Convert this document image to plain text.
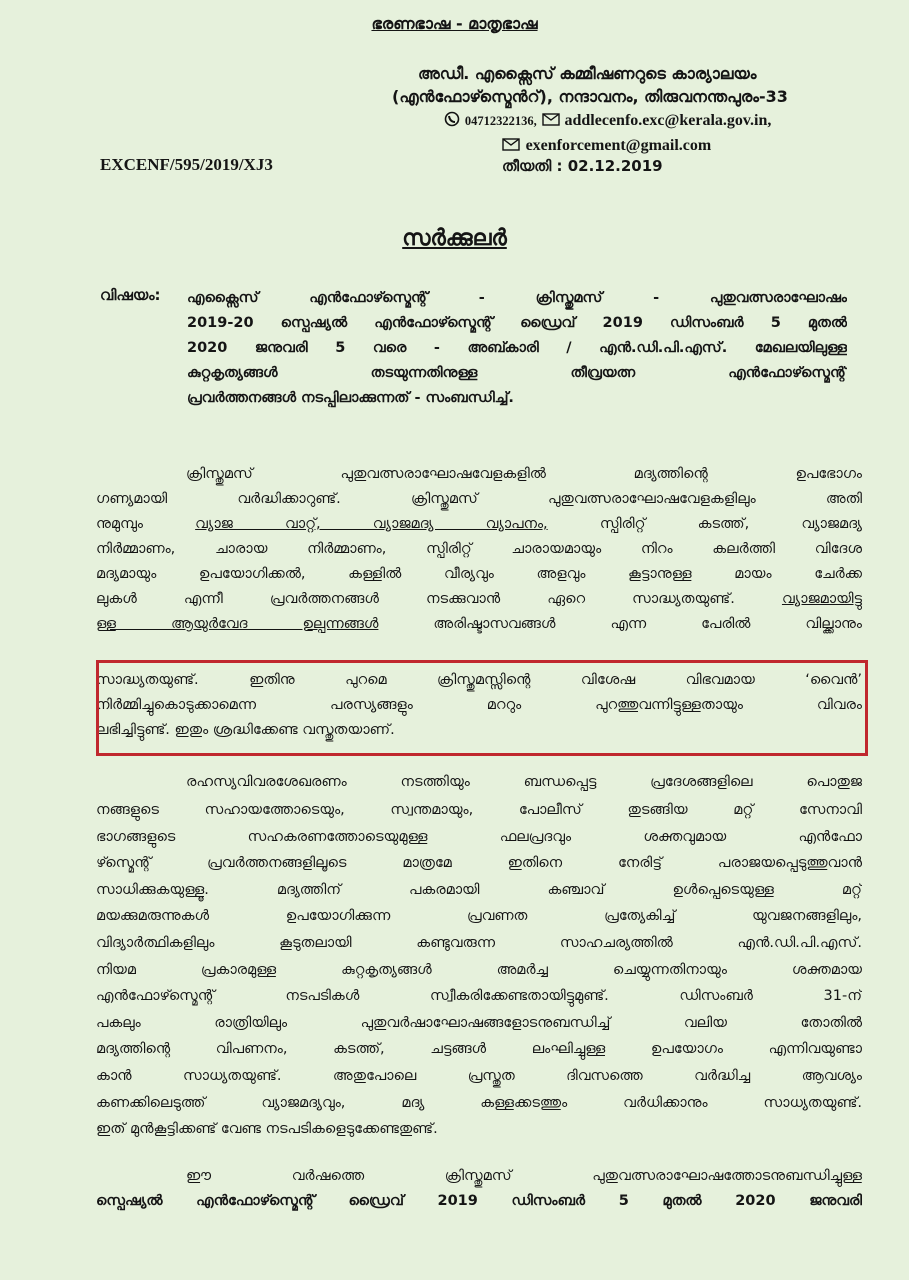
ഭരണഭാഷ - മാതൃഭാഷ
അഡീ. എക്സൈസ് കമ്മീഷണറുടെ കാര്യാലയം
(എൻഫോഴ്സ്മെൻറ്), നന്ദാവനം, തിരുവനന്തപുരം-33
04712322136, addlecenfo.exc@kerala.gov.in,
exenforcement@gmail.com
EXCENF/595/2019/XJ3	തീയതി : 02.12.2019
സർക്കുലർ
വിഷയം: എക്സൈസ് എൻഫോഴ്സ്മെന്റ് - ക്രിസ്തുമസ് - പുതുവത്സരാഘോഷം
2019-20 സ്പെഷ്യൽ എൻഫോഴ്സ്മെന്റ് ഡ്രൈവ് 2019 ഡിസംബർ 5 മുതൽ
2020 ജനുവരി 5 വരെ - അബ്കാരി / എൻ.ഡി.പി.എസ്. മേഖലയിലുള്ള
കുറ്റകൃത്യങ്ങൾ തടയുന്നതിനുള്ള തീവ്രയത്ന എൻഫോഴ്സ്മെന്റ്
പ്രവർത്തനങ്ങൾ നടപ്പിലാക്കുന്നത് - സംബന്ധിച്ച്.
ക്രിസ്തുമസ് പുതുവത്സരാഘോഷവേളകളിൽ മദ്യത്തിന്റെ ഉപഭോഗം
ഗണ്യമായി വർദ്ധിക്കാറുണ്ട്. ക്രിസ്തുമസ് പുതുവത്സരാഘോഷവേളകളിലും അതി
നുമുമ്പും വ്യാജ വാറ്റ്, വ്യാജമദ്യ വ്യാപനം, സ്പിരിറ്റ് കടത്ത്, വ്യാജമദ്യ
നിർമ്മാണം, ചാരായ നിർമ്മാണം, സ്പിരിറ്റ് ചാരായമായും നിറം കലർത്തി വിദേശ
മദ്യമായും ഉപയോഗിക്കൽ, കള്ളിൽ വീര്യവും അളവും കൂട്ടാനുള്ള മായം ചേർക്ക
ലുകൾ എന്നീ പ്രവർത്തനങ്ങൾ നടക്കുവാൻ ഏറെ സാദ്ധ്യതയുണ്ട്. വ്യാജമായിട്ടു
ള്ള ആയുർവേദ ഉല്പന്നങ്ങൾ അരിഷ്ടാസവങ്ങൾ എന്ന പേരിൽ വില്ക്കാനും
സാദ്ധ്യതയുണ്ട്. ഇതിനു പുറമെ ക്രിസ്തുമസ്സിന്റെ വിശേഷ വിഭവമായ ‘വൈൻ’
നിർമ്മിച്ചുകൊടുക്കാമെന്ന പരസ്യങ്ങളും മററും പുറത്തുവന്നിട്ടുള്ളതായും വിവരം
ലഭിച്ചിട്ടുണ്ട്. ഇതും ശ്രദ്ധിക്കേണ്ട വസ്തുതയാണ്.
രഹസ്യവിവരശേഖരണം നടത്തിയും ബന്ധപ്പെട്ട പ്രദേശങ്ങളിലെ പൊതുജ
നങ്ങളുടെ സഹായത്തോടെയും, സ്വന്തമായും, പോലീസ് തുടങ്ങിയ മറ്റ് സേനാവി
ഭാഗങ്ങളുടെ സഹകരണത്തോടെയുമുള്ള ഫലപ്രദവും ശക്തവുമായ എൻഫോ
ഴ്സ്മെന്റ് പ്രവർത്തനങ്ങളിലൂടെ മാത്രമേ ഇതിനെ നേരിട്ട് പരാജയപ്പെടുത്തുവാൻ
സാധിക്കുകയുള്ളൂ. മദ്യത്തിന് പകരമായി കഞ്ചാവ് ഉൾപ്പെടെയുള്ള മറ്റ്
മയക്കുമരുന്നുകൾ ഉപയോഗിക്കുന്ന പ്രവണത പ്രത്യേകിച്ച് യുവജനങ്ങളിലും,
വിദ്യാർത്ഥികളിലും കൂടുതലായി കണ്ടുവരുന്ന സാഹചര്യത്തിൽ എൻ.ഡി.പി.എസ്.
നിയമ പ്രകാരമുള്ള കുറ്റകൃത്യങ്ങൾ അമർച്ച ചെയ്യുന്നതിനായും ശക്തമായ
എൻഫോഴ്സ്മെന്റ് നടപടികൾ സ്വീകരിക്കേണ്ടതായിട്ടുമുണ്ട്. ഡിസംബർ 31-ന്
പകലും രാത്രിയിലും പുതുവർഷാഘോഷങ്ങളോടനുബന്ധിച്ച് വലിയ തോതിൽ
മദ്യത്തിന്റെ വിപണനം, കടത്ത്, ചട്ടങ്ങൾ ലംഘിച്ചുള്ള ഉപയോഗം എന്നിവയുണ്ടാ
കാൻ സാധ്യതയുണ്ട്. അതുപോലെ പ്രസ്തുത ദിവസത്തെ വർദ്ധിച്ച ആവശ്യം
കണക്കിലെടുത്ത് വ്യാജമദ്യവും, മദ്യ കള്ളക്കടത്തും വർധിക്കാനും സാധ്യതയുണ്ട്.
ഇത് മുൻകൂട്ടിക്കണ്ട് വേണ്ട നടപടികളെടുക്കേണ്ടതുണ്ട്.
ഈ വർഷത്തെ ക്രിസ്തുമസ് പുതുവത്സരാഘോഷത്തോടനുബന്ധിച്ചുള്ള
സ്പെഷ്യൽ എൻഫോഴ്സ്മെന്റ് ഡ്രൈവ് 2019 ഡിസംബർ 5 മുതൽ 2020 ജനുവരി
